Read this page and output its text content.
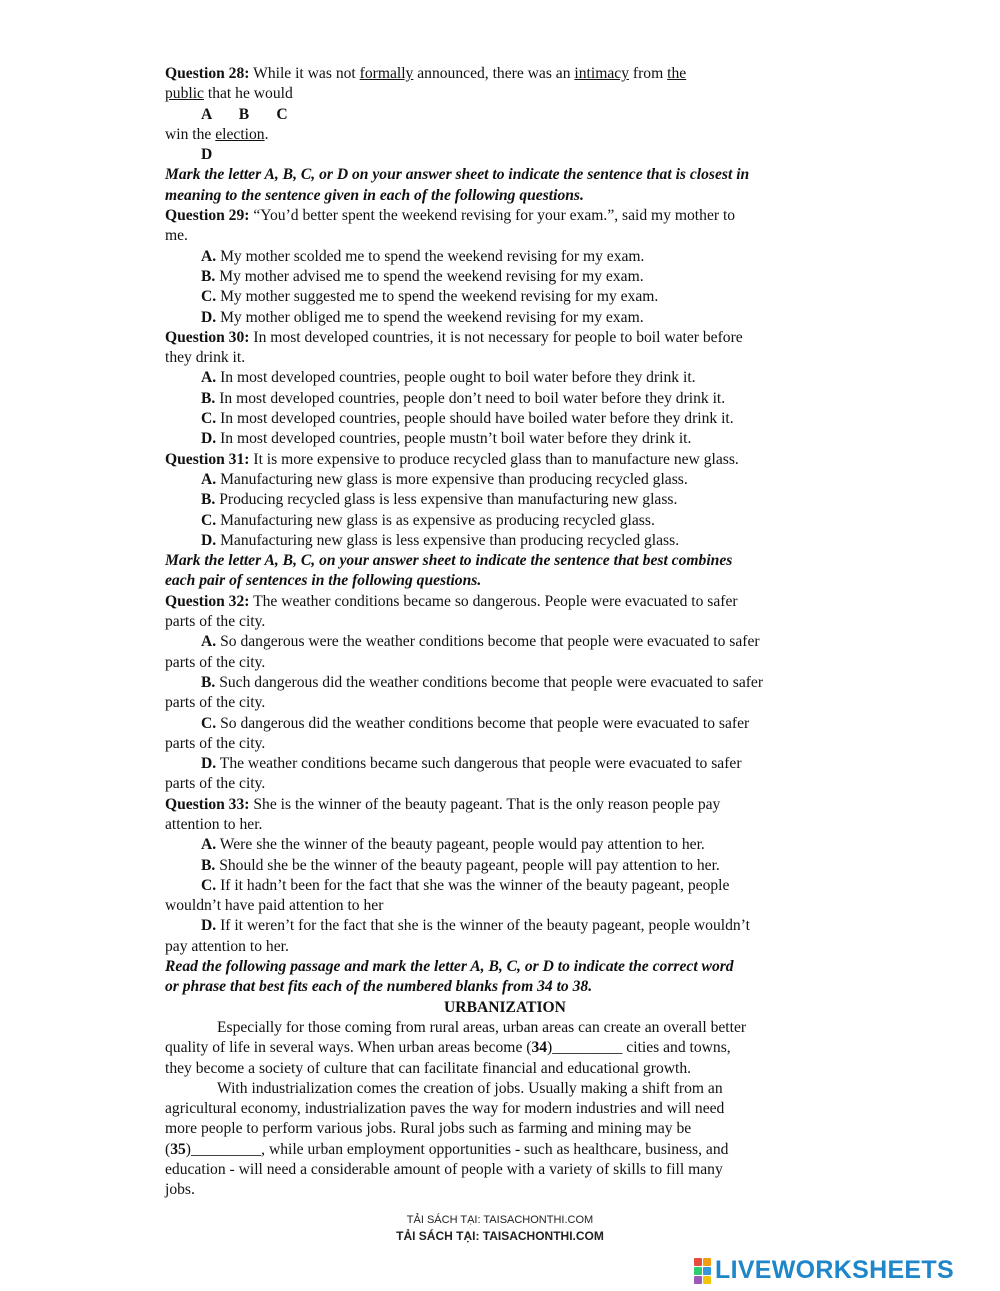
Question 28: While it was not formally announced, there was an intimacy from the
public that he would
A       B       C
win the election.
D
Mark the letter A, B, C, or D on your answer sheet to indicate the sentence that is closest in
meaning to the sentence given in each of the following questions.
Question 29: “You’d better spent the weekend revising for your exam.”, said my mother to
me.
A. My mother scolded me to spend the weekend revising for my exam.
B. My mother advised me to spend the weekend revising for my exam.
C. My mother suggested me to spend the weekend revising for my exam.
D. My mother obliged me to spend the weekend revising for my exam.
Question 30: In most developed countries, it is not necessary for people to boil water before
they drink it.
A. In most developed countries, people ought to boil water before they drink it.
B. In most developed countries, people don’t need to boil water before they drink it.
C. In most developed countries, people should have boiled water before they drink it.
D. In most developed countries, people mustn’t boil water before they drink it.
Question 31: It is more expensive to produce recycled glass than to manufacture new glass.
A. Manufacturing new glass is more expensive than producing recycled glass.
B. Producing recycled glass is less expensive than manufacturing new glass.
C. Manufacturing new glass is as expensive as producing recycled glass.
D. Manufacturing new glass is less expensive than producing recycled glass.
Mark the letter A, B, C, on your answer sheet to indicate the sentence that best combines
each pair of sentences in the following questions.
Question 32: The weather conditions became so dangerous. People were evacuated to safer
parts of the city.
A. So dangerous were the weather conditions become that people were evacuated to safer
parts of the city.
B. Such dangerous did the weather conditions become that people were evacuated to safer
parts of the city.
C. So dangerous did the weather conditions become that people were evacuated to safer
parts of the city.
D. The weather conditions became such dangerous that people were evacuated to safer
parts of the city.
Question 33: She is the winner of the beauty pageant. That is the only reason people pay
attention to her.
A. Were she the winner of the beauty pageant, people would pay attention to her.
B. Should she be the winner of the beauty pageant, people will pay attention to her.
C. If it hadn’t been for the fact that she was the winner of the beauty pageant, people
wouldn’t have paid attention to her
D. If it weren’t for the fact that she is the winner of the beauty pageant, people wouldn’t
pay attention to her.
Read the following passage and mark the letter A, B, C, or D to indicate the correct word
or phrase that best fits each of the numbered blanks from 34 to 38.
URBANIZATION
Especially for those coming from rural areas, urban areas can create an overall better
quality of life in several ways. When urban areas become (34)_________ cities and towns,
they become a society of culture that can facilitate financial and educational growth.
With industrialization comes the creation of jobs. Usually making a shift from an
agricultural economy, industrialization paves the way for modern industries and will need
more people to perform various jobs. Rural jobs such as farming and mining may be
(35)_________, while urban employment opportunities - such as healthcare, business, and
education - will need a considerable amount of people with a variety of skills to fill many
jobs.
TẢI SÁCH TẠI: TAISACHONTHI.COM
TẢI SÁCH TẠI: TAISACHONTHI.COM
LIVEWORKSHEETS
